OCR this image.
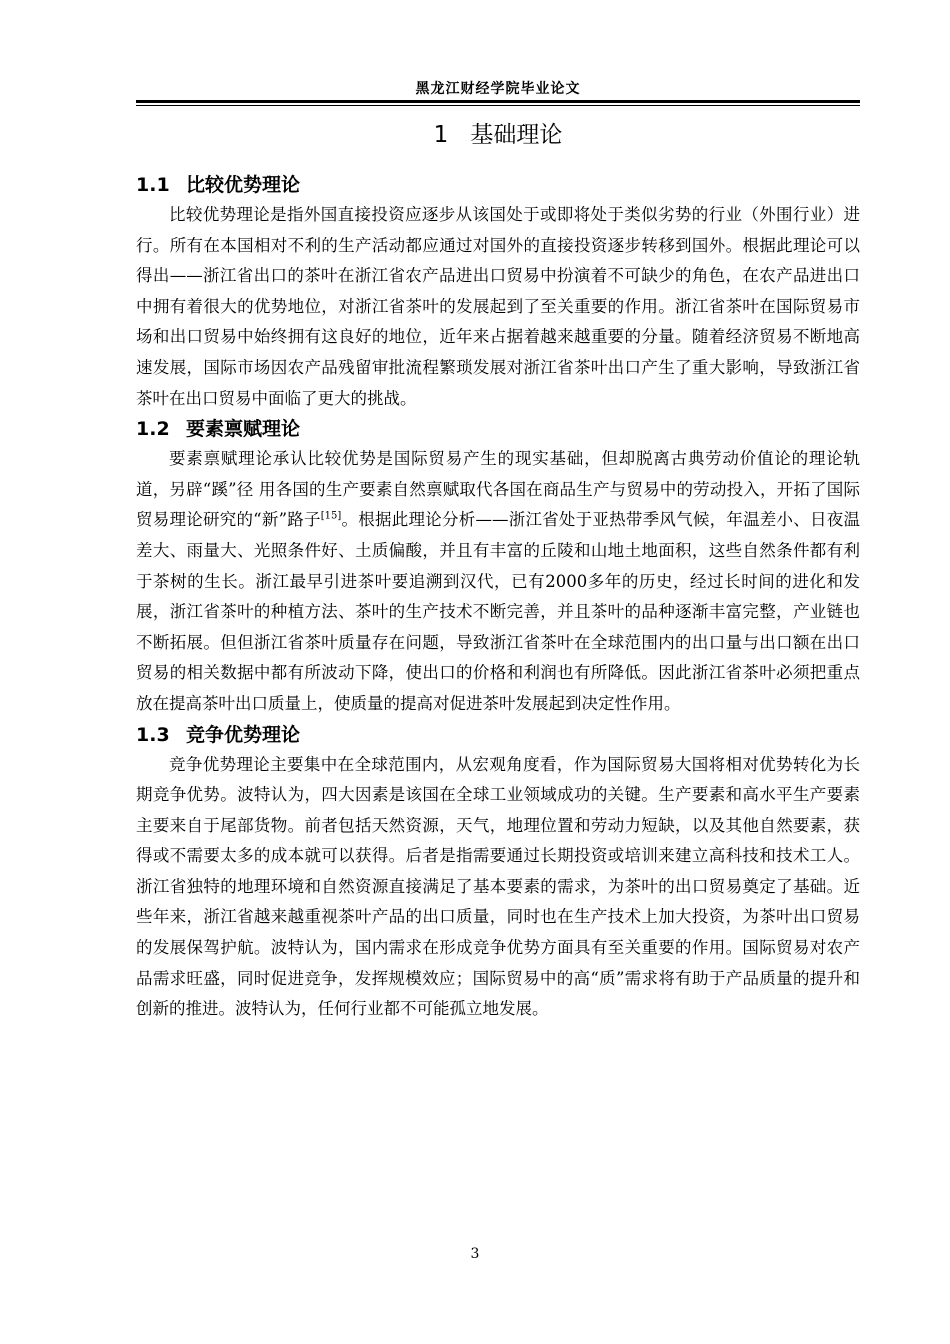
黑龙江财经学院毕业论文
1 基础理论
1.1 比较优势理论

比较优势理论是指外国直接投资应逐步从该国处于或即将处于类似劣势的行业（外围行业）进行。所有在本国相对不利的生产活动都应通过对国外的直接投资逐步转移到国外。根据此理论可以得出——浙江省出口的茶叶在浙江省农产品进出口贸易中扮演着不可缺少的角色，在农产品进出口中拥有着很大的优势地位，对浙江省茶叶的发展起到了至关重要的作用。浙江省茶叶在国际贸易市场和出口贸易中始终拥有这良好的地位，近年来占据着越来越重要的分量。随着经济贸易不断地高速发展，国际市场因农产品残留审批流程繁琐发展对浙江省茶叶出口产生了重大影响，导致浙江省茶叶在出口贸易中面临了更大的挑战。

1.2 要素禀赋理论

要素禀赋理论承认比较优势是国际贸易产生的现实基础，但却脱离古典劳动价值论的理论轨道，另辟“蹊”径 用各国的生产要素自然禀赋取代各国在商品生产与贸易中的劳动投入，开拓了国际贸易理论研究的“新”路子[15]。根据此理论分析——浙江省处于亚热带季风气候，年温差小、日夜温差大、雨量大、光照条件好、土质偏酸，并且有丰富的丘陵和山地土地面积，这些自然条件都有利于茶树的生长。浙江最早引进茶叶要追溯到汉代，已有2000多年的历史，经过长时间的进化和发展，浙江省茶叶的种植方法、茶叶的生产技术不断完善，并且茶叶的品种逐渐丰富完整，产业链也不断拓展。但但浙江省茶叶质量存在问题，导致浙江省茶叶在全球范围内的出口量与出口额在出口贸易的相关数据中都有所波动下降，使出口的价格和利润也有所降低。因此浙江省茶叶必须把重点放在提高茶叶出口质量上，使质量的提高对促进茶叶发展起到决定性作用。

1.3 竞争优势理论

竞争优势理论主要集中在全球范围内，从宏观角度看，作为国际贸易大国将相对优势转化为长期竞争优势。波特认为，四大因素是该国在全球工业领域成功的关键。生产要素和高水平生产要素主要来自于尾部货物。前者包括天然资源，天气，地理位置和劳动力短缺，以及其他自然要素，获得或不需要太多的成本就可以获得。后者是指需要通过长期投资或培训来建立高科技和技术工人。浙江省独特的地理环境和自然资源直接满足了基本要素的需求，为茶叶的出口贸易奠定了基础。近些年来，浙江省越来越重视茶叶产品的出口质量，同时也在生产技术上加大投资，为茶叶出口贸易的发展保驾护航。波特认为，国内需求在形成竞争优势方面具有至关重要的作用。国际贸易对农产品需求旺盛，同时促进竞争，发挥规模效应；国际贸易中的高“质”需求将有助于产品质量的提升和创新的推进。波特认为，任何行业都不可能孤立地发展。

3
